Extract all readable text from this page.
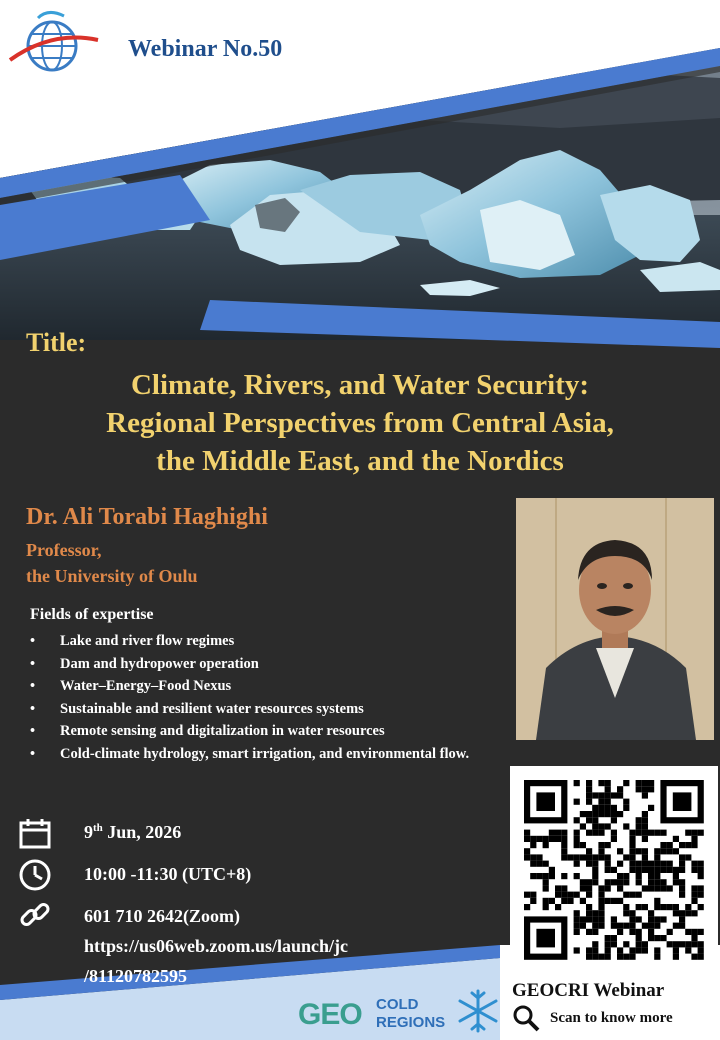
Webinar No.50
Title:
Climate, Rivers, and Water Security:
Regional Perspectives from Central Asia,
the Middle East, and the Nordics
Dr. Ali Torabi Haghighi
Professor,
the University of Oulu
Fields of expertise
• Lake and river flow regimes
• Dam and hydropower operation
• Water–Energy–Food Nexus
• Sustainable and resilient water resources systems
• Remote sensing and digitalization in water resources
• Cold-climate hydrology, smart irrigation, and environmental flow.
9th Jun, 2026
10:00 -11:30 (UTC+8)
601 710 2642(Zoom)
https://us06web.zoom.us/launch/jc
/81120782595
GEOCRI Webinar
Scan to know more
GEO COLD
REGIONS
